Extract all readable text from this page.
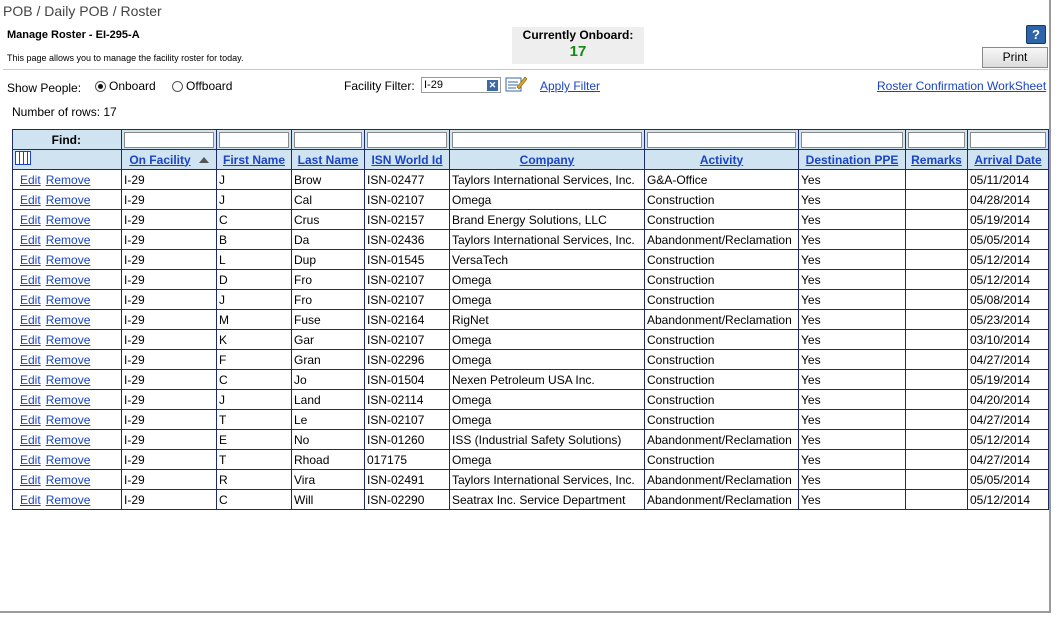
POB / Daily POB / Roster
Manage Roster - EI-295-A
This page allows you to manage the facility roster for today.
Currently Onboard:
17
?
Print
Show People: Onboard	Offboard	Facility Filter:
I-29	✕	Apply Filter	Roster Confirmation WorkSheet
Number of rows: 17
Find:	

	On Facility	First Name	Last Name	ISN World Id	Company	Activity	Destination PPE	Remarks	Arrival Date
Edit Remove	I-29	J	Brow	ISN-02477	Taylors International Services, Inc.	G&A-Office	Yes		05/11/2014
Edit Remove	I-29	J	Cal	ISN-02107	Omega	Construction	Yes		04/28/2014
Edit Remove	I-29	C	Crus	ISN-02157	Brand Energy Solutions, LLC	Construction	Yes		05/19/2014
Edit Remove	I-29	B	Da	ISN-02436	Taylors International Services, Inc.	Abandonment/Reclamation	Yes		05/05/2014
Edit Remove	I-29	L	Dup	ISN-01545	VersaTech	Construction	Yes		05/12/2014
Edit Remove	I-29	D	Fro	ISN-02107	Omega	Construction	Yes		05/12/2014
Edit Remove	I-29	J	Fro	ISN-02107	Omega	Construction	Yes		05/08/2014
Edit Remove	I-29	M	Fuse	ISN-02164	RigNet	Abandonment/Reclamation	Yes		05/23/2014
Edit Remove	I-29	K	Gar	ISN-02107	Omega	Construction	Yes		03/10/2014
Edit Remove	I-29	F	Gran	ISN-02296	Omega	Construction	Yes		04/27/2014
Edit Remove	I-29	C	Jo	ISN-01504	Nexen Petroleum USA Inc.	Construction	Yes		05/19/2014
Edit Remove	I-29	J	Land	ISN-02114	Omega	Construction	Yes		04/20/2014
Edit Remove	I-29	T	Le	ISN-02107	Omega	Construction	Yes		04/27/2014
Edit Remove	I-29	E	No	ISN-01260	ISS (Industrial Safety Solutions)	Abandonment/Reclamation	Yes		05/12/2014
Edit Remove	I-29	T	Rhoad	017175	Omega	Construction	Yes		04/27/2014
Edit Remove	I-29	R	Vira	ISN-02491	Taylors International Services, Inc.	Abandonment/Reclamation	Yes		05/05/2014
Edit Remove	I-29	C	Will	ISN-02290	Seatrax Inc. Service Department	Abandonment/Reclamation	Yes		05/12/2014
